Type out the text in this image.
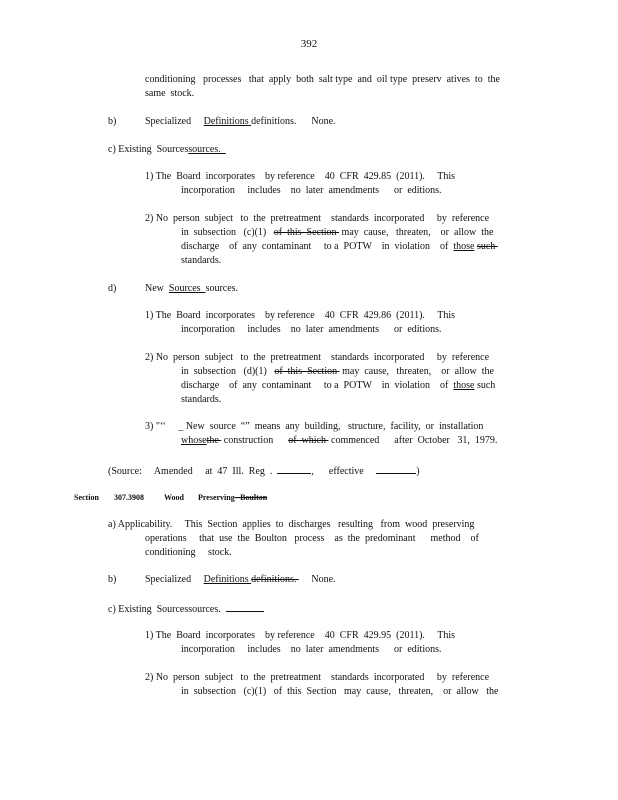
392
conditioning   processes   that  apply  both  salt type  and  oil type  preserv  atives  to  the
same  stock.
b)	Specialized Definitions definitions. None.
c) Existing  Sourcessources.
1) The  Board  incorporates    by reference    40  CFR  429.85  (2011).     This
incorporation     includes    no  later  amendments      or  editions.
2) No  person  subject   to  the  pretreatment    standards  incorporated     by  reference
in  subsection   (c)(1)   of  this  Section  may  cause,   threaten,    or  allow  the
discharge    of  any  contaminant     to a  POTW    in  violation    of  those such
standards.
d)	New  Sources  sources.
1) The  Board  incorporates    by reference    40  CFR  429.86  (2011).     This
incorporation     includes    no  later  amendments      or  editions.
2) No  person  subject   to  the  pretreatment    standards  incorporated     by  reference
in  subsection   (d)(1)   of  this  Section  may  cause,   threaten,    or  allow  the
discharge    of  any  contaminant     to a  POTW    in  violation    of  those such
standards.
3) "‘‘     _ New  source  “”  means  any  building,   structure,  facility,  or  installation
whosethe  construction      of  which  commenced      after  October   31,  1979.
(Source:     Amended     at  47  Ill.  Reg  .	,      effective	)
Section 307.3908	Wood Preserving--Boulton
a) Applicability.     This  Section  applies  to  discharges   resulting   from  wood  preserving
operations     that  use  the  Boulton   process    as  the  predominant      method    of
conditioning     stock.
b)	Specialized Definitions definitions.      None.
c) Existing  Sourcessources.
1) The  Board  incorporates    by reference    40  CFR  429.95  (2011).     This
incorporation     includes    no  later  amendments      or  editions.
2) No  person  subject   to  the  pretreatment    standards  incorporated     by  reference
in  subsection   (c)(1)   of  this  Section   may  cause,   threaten,    or  allow   the
